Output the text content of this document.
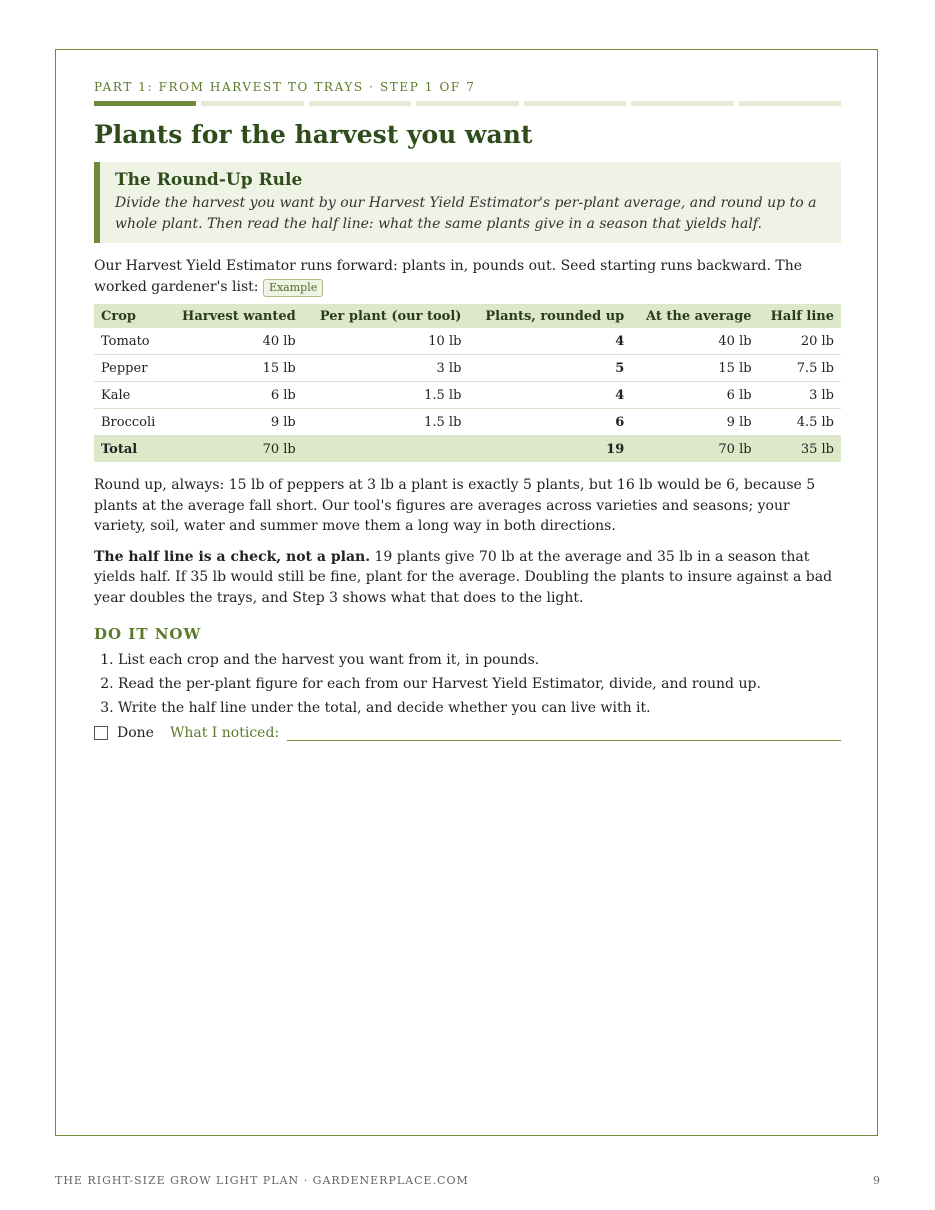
PART 1: FROM HARVEST TO TRAYS · STEP 1 OF 7
Plants for the harvest you want
The Round-Up Rule
Divide the harvest you want by our Harvest Yield Estimator's per-plant average, and round up to a whole plant. Then read the half line: what the same plants give in a season that yields half.

Our Harvest Yield Estimator runs forward: plants in, pounds out. Seed starting runs backward. The worked gardener's list: Example

Crop	Harvest wanted	Per plant (our tool)	Plants, rounded up	At the average	Half line
Tomato	40 lb	10 lb	4	40 lb	20 lb
Pepper	15 lb	3 lb	5	15 lb	7.5 lb
Kale	6 lb	1.5 lb	4	6 lb	3 lb
Broccoli	9 lb	1.5 lb	6	9 lb	4.5 lb
Total	70 lb		19	70 lb	35 lb

Round up, always: 15 lb of peppers at 3 lb a plant is exactly 5 plants, but 16 lb would be 6, because 5 plants at the average fall short. Our tool's figures are averages across varieties and seasons; your variety, soil, water and summer move them a long way in both directions.

The half line is a check, not a plan. 19 plants give 70 lb at the average and 35 lb in a season that yields half. If 35 lb would still be fine, plant for the average. Doubling the plants to insure against a bad year doubles the trays, and Step 3 shows what that does to the light.

DO IT NOW
1. List each crop and the harvest you want from it, in pounds.
2. Read the per-plant figure for each from our Harvest Yield Estimator, divide, and round up.
3. Write the half line under the total, and decide whether you can live with it.
Done What I noticed:
THE RIGHT-SIZE GROW LIGHT PLAN · GARDENERPLACE.COM	9
